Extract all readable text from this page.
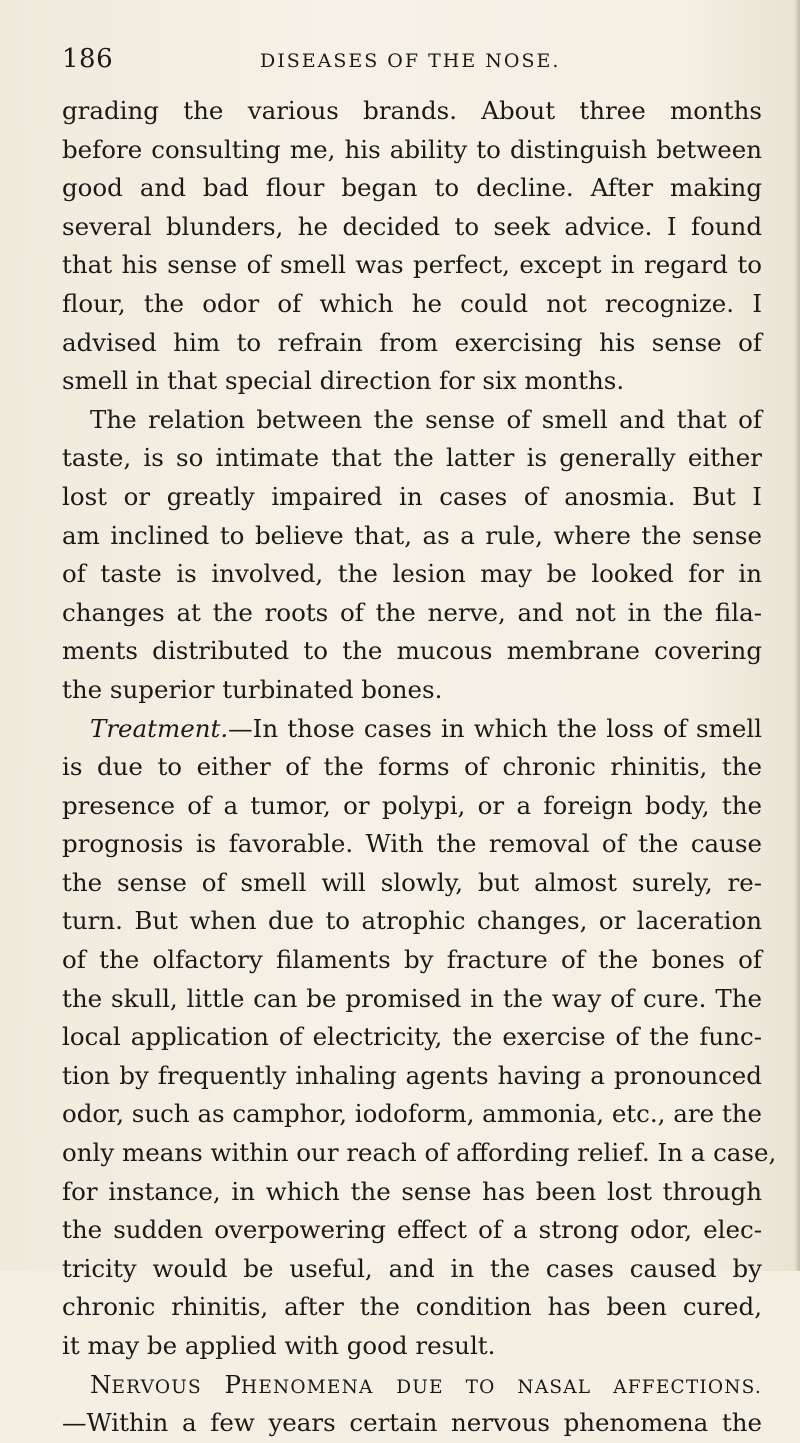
186	DISEASES OF THE NOSE.
grading the various brands. About three months
before consulting me, his ability to distinguish between
good and bad flour began to decline. After making
several blunders, he decided to seek advice. I found
that his sense of smell was perfect, except in regard to
flour, the odor of which he could not recognize. I
advised him to refrain from exercising his sense of
smell in that special direction for six months.
The relation between the sense of smell and that of
taste, is so intimate that the latter is generally either
lost or greatly impaired in cases of anosmia. But I
am inclined to believe that, as a rule, where the sense
of taste is involved, the lesion may be looked for in
changes at the roots of the nerve, and not in the fila-
ments distributed to the mucous membrane covering
the superior turbinated bones.
Treatment.—In those cases in which the loss of smell
is due to either of the forms of chronic rhinitis, the
presence of a tumor, or polypi, or a foreign body, the
prognosis is favorable. With the removal of the cause
the sense of smell will slowly, but almost surely, re-
turn. But when due to atrophic changes, or laceration
of the olfactory filaments by fracture of the bones of
the skull, little can be promised in the way of cure. The
local application of electricity, the exercise of the func-
tion by frequently inhaling agents having a pronounced
odor, such as camphor, iodoform, ammonia, etc., are the
only means within our reach of affording relief. In a case,
for instance, in which the sense has been lost through
the sudden overpowering effect of a strong odor, elec-
tricity would be useful, and in the cases caused by
chronic rhinitis, after the condition has been cured,
it may be applied with good result.
NERVOUS PHENOMENA DUE TO NASAL AFFECTIONS.
—Within a few years certain nervous phenomena the
